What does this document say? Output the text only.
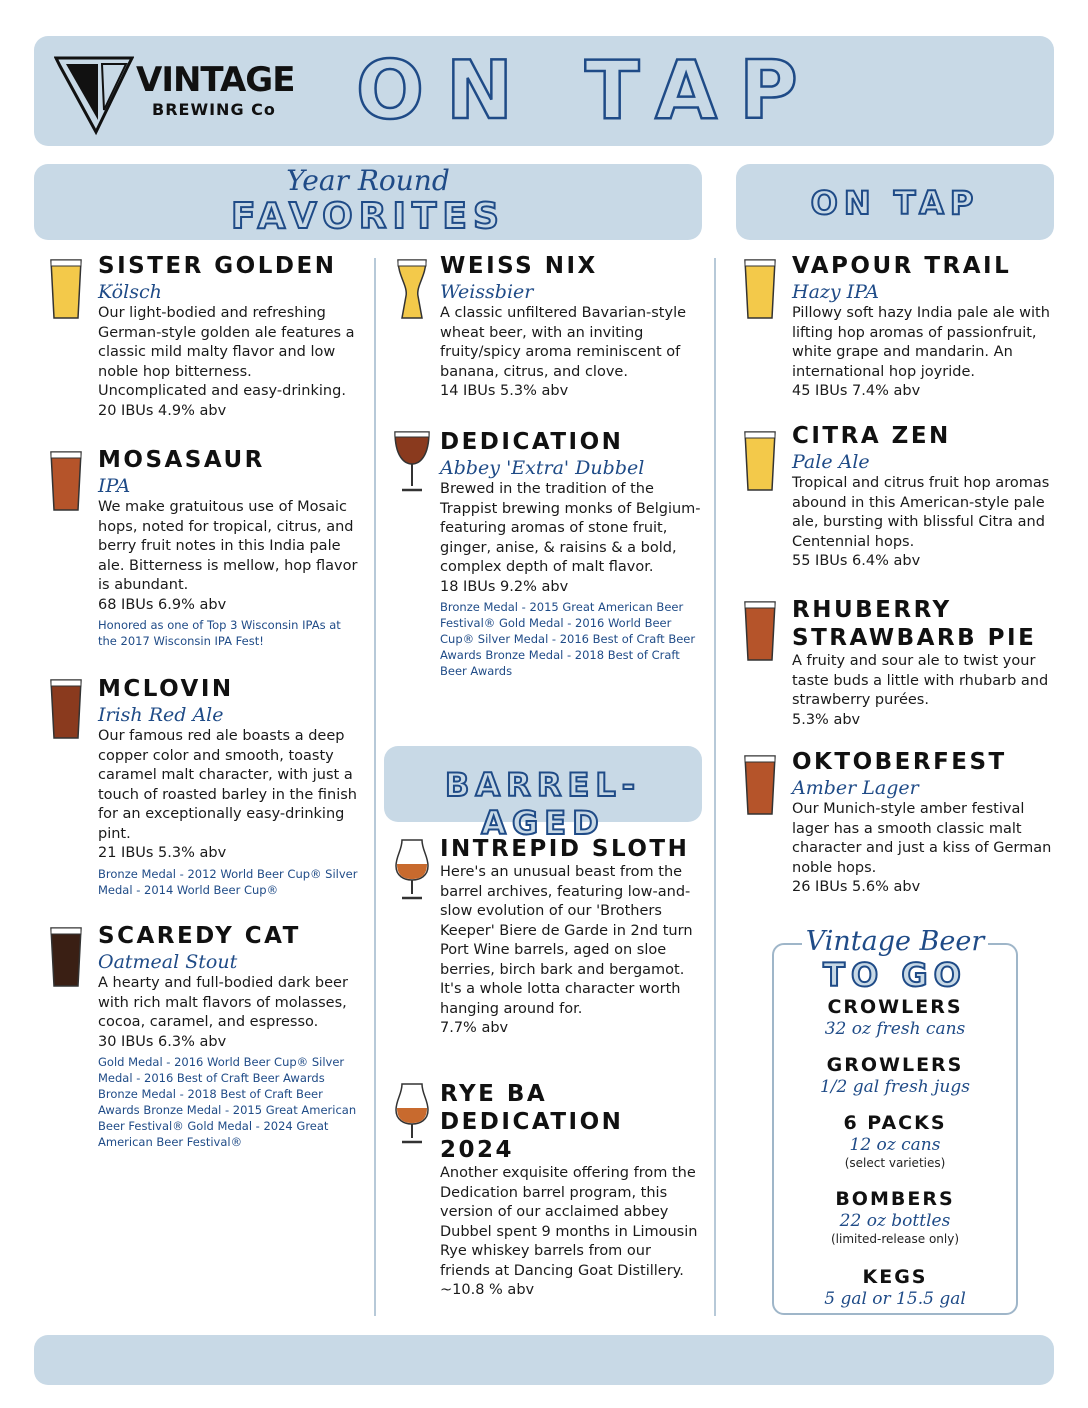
VINTAGE
BREWING Co ON TAP
Year Round
FAVORITES	ON TAP
BARREL-AGED
SISTER GOLDEN
Kölsch
Our light-bodied and refreshing German-style golden ale features a classic mild malty flavor and low noble hop bitterness. Uncomplicated and easy-drinking.
20 IBUs 4.9% abv
MOSASAUR
IPA
We make gratuitous use of Mosaic hops, noted for tropical, citrus, and berry fruit notes in this India pale ale. Bitterness is mellow, hop flavor is abundant.
68 IBUs 6.9% abv
Honored as one of Top 3 Wisconsin IPAs at the 2017 Wisconsin IPA Fest!
MCLOVIN
Irish Red Ale
Our famous red ale boasts a deep copper color and smooth, toasty caramel malt character, with just a touch of roasted barley in the finish for an exceptionally easy-drinking pint.
21 IBUs 5.3% abv
Bronze Medal - 2012 World Beer Cup® Silver Medal - 2014 World Beer Cup®
SCAREDY CAT
Oatmeal Stout
A hearty and full-bodied dark beer with rich malt flavors of molasses, cocoa, caramel, and espresso.
30 IBUs 6.3% abv
Gold Medal - 2016 World Beer Cup® Silver Medal - 2016 Best of Craft Beer Awards Bronze Medal - 2018 Best of Craft Beer Awards Bronze Medal - 2015 Great American Beer Festival® Gold Medal - 2024 Great American Beer Festival®
WEISS NIX
Weissbier
A classic unfiltered Bavarian-style wheat beer, with an inviting fruity/spicy aroma reminiscent of banana, citrus, and clove.
14 IBUs 5.3% abv
DEDICATION
Abbey 'Extra' Dubbel
Brewed in the tradition of the Trappist brewing monks of Belgium- featuring aromas of stone fruit, ginger, anise, & raisins & a bold, complex depth of malt flavor.
18 IBUs 9.2% abv
Bronze Medal - 2015 Great American Beer Festival® Gold Medal - 2016 World Beer Cup® Silver Medal - 2016 Best of Craft Beer Awards Bronze Medal - 2018 Best of Craft Beer Awards
INTREPID SLOTH
Here's an unusual beast from the barrel archives, featuring low-and-slow evolution of our 'Brothers Keeper' Biere de Garde in 2nd turn Port Wine barrels, aged on sloe berries, birch bark and bergamot. It's a whole lotta character worth hanging around for.
7.7% abv
RYE BA DEDICATION 2024
Another exquisite offering from the Dedication barrel program, this version of our acclaimed abbey Dubbel spent 9 months in Limousin Rye whiskey barrels from our friends at Dancing Goat Distillery.
~10.8 % abv
VAPOUR TRAIL
Hazy IPA
Pillowy soft hazy India pale ale with lifting hop aromas of passionfruit, white grape and mandarin. An international hop joyride.
45 IBUs 7.4% abv
CITRA ZEN
Pale Ale
Tropical and citrus fruit hop aromas abound in this American-style pale ale, bursting with blissful Citra and Centennial hops.
55 IBUs 6.4% abv
RHUBERRY STRAWBARB PIE
A fruity and sour ale to twist your taste buds a little with rhubarb and strawberry purées.
5.3% abv
OKTOBERFEST
Amber Lager
Our Munich-style amber festival lager has a smooth classic malt character and just a kiss of German noble hops.
26 IBUs 5.6% abv
Vintage Beer
TO GO
CROWLERS
32 oz fresh cans
GROWLERS
1/2 gal fresh jugs
6 PACKS
12 oz cans
(select varieties)
BOMBERS
22 oz bottles
(limited-release only)
KEGS
5 gal or 15.5 gal
